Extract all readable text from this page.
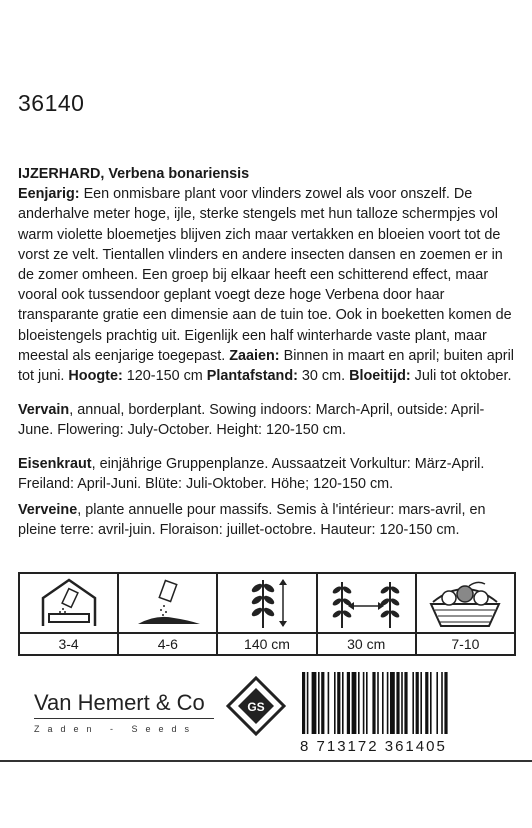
36140
IJZERHARD, Verbena bonariensis
Eenjarig: Een onmisbare plant voor vlinders zowel als voor onszelf. De anderhalve meter hoge, ijle, sterke stengels met hun talloze schermpjes vol warm violette bloemetjes blijven zich maar vertakken en bloeien voort tot de vorst ze velt. Tientallen vlinders en andere insecten dansen en zoemen er in de zomer omheen. Een groep bij elkaar heeft een schitterend effect, maar vooral ook tussendoor geplant voegt deze hoge Verbena door haar transparante gratie een dimensie aan de tuin toe. Ook in boeketten komen de bloeistengels prachtig uit. Eigenlijk een half winterharde vaste plant, maar meestal als eenjarige toegepast. Zaaien: Binnen in maart en april; buiten april tot juni. Hoogte: 120-150 cm Plantafstand: 30 cm. Bloeitijd: Juli tot oktober.
Vervain, annual, borderplant. Sowing indoors: March-April, outside: April-June. Flowering: July-October. Height: 120-150 cm.
Eisenkraut, einjährige Gruppenplanze. Aussaatzeit Vorkultur: März-April. Freiland: April-Juni. Blüte: Juli-Oktober. Höhe; 120-150 cm.
Verveine, plante annuelle pour massifs. Semis à l'intérieur: mars-avril, en pleine terre: avril-juin. Floraison: juillet-octobre. Hauteur: 120-150 cm.
3-4	4-6	140 cm	30 cm	7-10
Van Hemert & Co
Zaden - Seeds
GS
8 713172 361405
